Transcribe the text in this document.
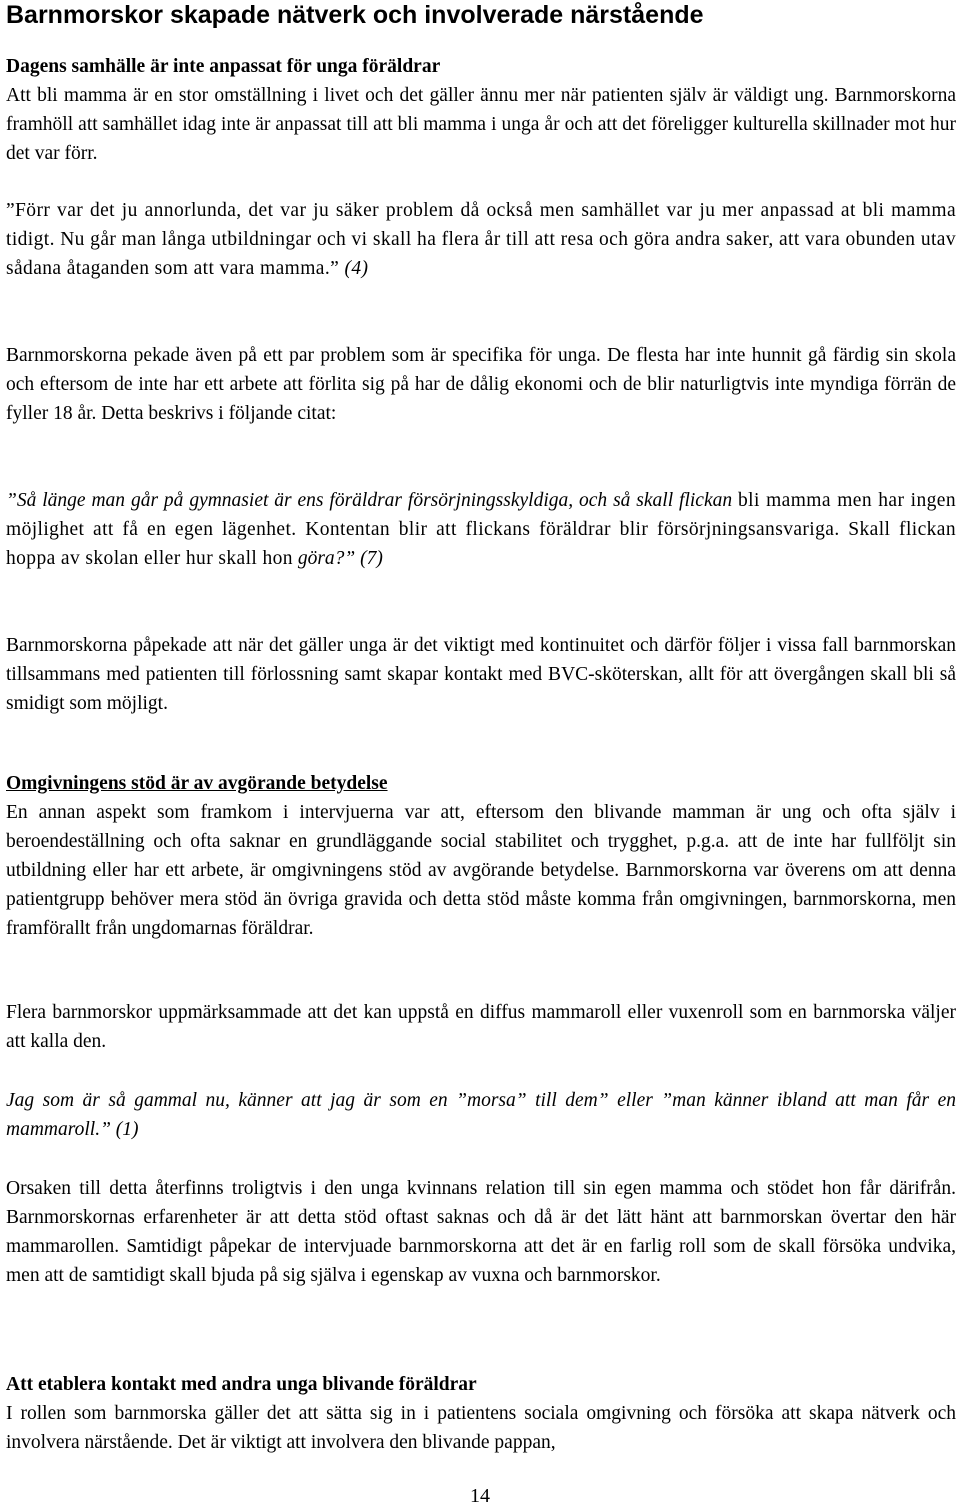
Barnmorskor skapade nätverk och involverade närstående
Dagens samhälle är inte anpassat för unga föräldrar
Att bli mamma är en stor omställning i livet och det gäller ännu mer när patienten själv är väldigt ung. Barnmorskorna framhöll att samhället idag inte är anpassat till att bli mamma i unga år och att det föreligger kulturella skillnader mot hur det var förr.
”Förr var det ju annorlunda, det var ju säker problem då också men samhället var ju mer anpassad at bli mamma tidigt. Nu går man långa utbildningar och vi skall ha flera år till att resa och göra andra saker, att vara obunden utav sådana åtaganden som att vara mamma.” (4)
Barnmorskorna pekade även på ett par problem som är specifika för unga. De flesta har inte hunnit gå färdig sin skola och eftersom de inte har ett arbete att förlita sig på har de dålig ekonomi och de blir naturligtvis inte myndiga förrän de fyller 18 år. Detta beskrivs i följande citat:
”Så länge man går på gymnasiet är ens föräldrar försörjningsskyldiga, och så skall flickan bli mamma men har ingen möjlighet att få en egen lägenhet. Kontentan blir att flickans föräldrar blir försörjningsansvariga. Skall flickan hoppa av skolan eller hur skall hon göra?” (7)
Barnmorskorna påpekade att när det gäller unga är det viktigt med kontinuitet och därför följer i vissa fall barnmorskan tillsammans med patienten till förlossning samt skapar kontakt med BVC-sköterskan, allt för att övergången skall bli så smidigt som möjligt.
Omgivningens stöd är av avgörande betydelse
En annan aspekt som framkom i intervjuerna var att, eftersom den blivande mamman är ung och ofta själv i beroendeställning och ofta saknar en grundläggande social stabilitet och trygghet, p.g.a. att de inte har fullföljt sin utbildning eller har ett arbete, är omgivningens stöd av avgörande betydelse. Barnmorskorna var överens om att denna patientgrupp behöver mera stöd än övriga gravida och detta stöd måste komma från omgivningen, barnmorskorna, men framförallt från ungdomarnas föräldrar.
Flera barnmorskor uppmärksammade att det kan uppstå en diffus mammaroll eller vuxenroll som en barnmorska väljer att kalla den.
Jag som är så gammal nu, känner att jag är som en ”morsa” till dem” eller ”man känner ibland att man får en mammaroll.” (1)
Orsaken till detta återfinns troligtvis i den unga kvinnans relation till sin egen mamma och stödet hon får därifrån. Barnmorskornas erfarenheter är att detta stöd oftast saknas och då är det lätt hänt att barnmorskan övertar den här mammarollen. Samtidigt påpekar de intervjuade barnmorskorna att det är en farlig roll som de skall försöka undvika, men att de samtidigt skall bjuda på sig själva i egenskap av vuxna och barnmorskor.
Att etablera kontakt med andra unga blivande föräldrar
I rollen som barnmorska gäller det att sätta sig in i patientens sociala omgivning och försöka att skapa nätverk och involvera närstående. Det är viktigt att involvera den blivande pappan,
14
